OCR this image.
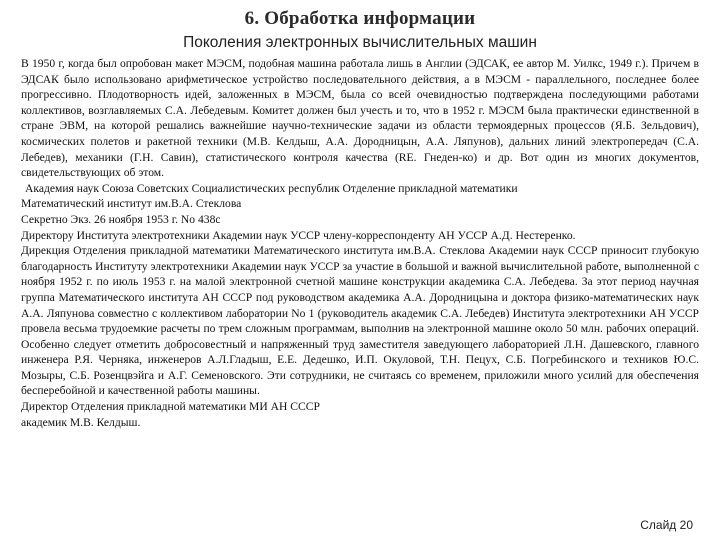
6. Обработка информации
Поколения электронных вычислительных машин

В 1950 г, когда был опробован макет МЭСМ, подобная машина работала лишь в Англии (ЭДСАК, ее автор М. Уилкс, 1949 г.). Причем в ЭДСАК было использовано арифметическое устройство последовательного действия, а в МЭСМ - параллельного, последнее более прогрессивно. Плодотворность идей, заложенных в МЭСМ, была со всей очевидностью подтверждена последующими работами коллективов, возглавляемых С.А. Лебедевым. Комитет должен был учесть и то, что в 1952 г. МЭСМ была практически единственной в стране ЭВМ, на которой решались важнейшие научно-технические задачи из области термоядерных процессов (Я.Б. Зельдович), космических полетов и ракетной техники (М.В. Келдыш, А.А. Дородницын, А.А. Ляпунов), дальних линий электропередач (С.А. Лебедев), механики (Г.Н. Савин), статистического контроля качества (RE. Гнеден-ко) и др. Вот один из многих документов, свидетельствующих об этом.

Академия наук Союза Советских Социалистических республик Отделение прикладной математики

Математический институт им.В.А. Стеклова

Секретно Экз. 26 ноября 1953 г. No 438с

Директору Института электротехники Академии наук УССР члену-корреспонденту АН УССР А.Д. Нестеренко.

Дирекция Отделения прикладной математики Математического института им.В.А. Стеклова Академии наук СССР приносит глубокую благодарность Институту электротехники Академии наук УССР за участие в большой и важной вычислительной работе, выполненной с ноября 1952 г. по июль 1953 г. на малой электронной счетной машине конструкции академика С.А. Лебедева. За этот период научная группа Математического института АН СССР под руководством академика А.А. Дородницына и доктора физико-математических наук А.А. Ляпунова совместно с коллективом лаборатории No 1 (руководитель академик С.А. Лебедев) Института электротехники АН УССР провела весьма трудоемкие расчеты по трем сложным программам, выполнив на электронной машине около 50 млн. рабочих операций. Особенно следует отметить добросовестный и напряженный труд заместителя заведующего лабораторией Л.Н. Дашевского, главного инженера Р.Я. Черняка, инженеров А.Л.Гладыш, Е.Е. Дедешко, И.П. Окуловой, Т.Н. Пецух, С.Б. Погребинского и техников Ю.С. Мозыры, С.Б. Розенцвэйга и А.Г. Семеновского. Эти сотрудники, не считаясь со временем, приложили много усилий для обеспечения бесперебойной и качественной работы машины.

Директор Отделения прикладной математики МИ АН СССР

академик М.В. Келдыш.

Слайд 20
